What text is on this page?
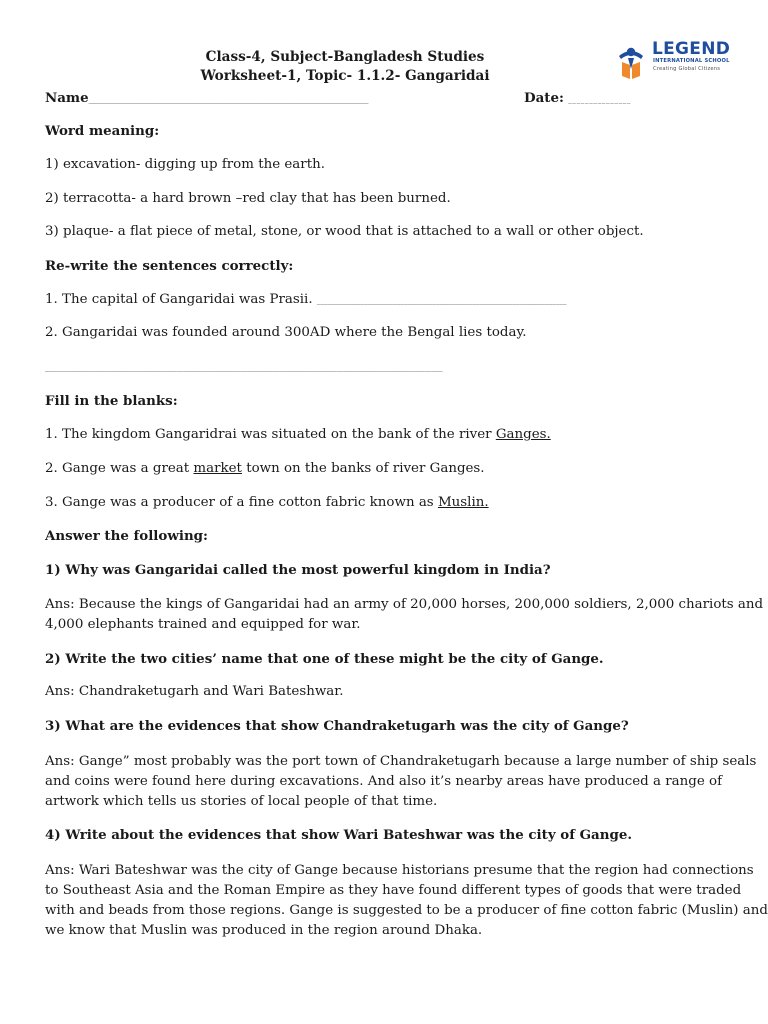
Class-4, Subject-Bangladesh Studies
Worksheet-1, Topic- 1.1.2- Gangaridai
Name___________________________________________________________________________________	Date: _______________
LEGEND
INTERNATIONAL SCHOOL
Creating Global Citizens
Word meaning:
1) excavation- digging up from the earth.
2) terracotta- a hard brown –red clay that has been burned.
3) plaque- a flat piece of metal, stone, or wood that is attached to a wall or other object.
Re-write the sentences correctly:
1. The capital of Gangaridai was Prasii. _____________________________________________________________________
2. Gangaridai was founded around 300AD where the Bengal lies today.
________________________________________________________________________________________________________________
Fill in the blanks:
1. The kingdom Gangaridrai was situated on the bank of the river Ganges.
2. Gange was a great market town on the banks of river Ganges.
3. Gange was a producer of a fine cotton fabric known as Muslin.
Answer the following:
1) Why was Gangaridai called the most powerful kingdom in India?
Ans: Because the kings of Gangaridai had an army of 20,000 horses, 200,000 soldiers, 2,000 chariots and
4,000 elephants trained and equipped for war.
2) Write the two cities’ name that one of these might be the city of Gange.
Ans: Chandraketugarh and Wari Bateshwar.
3) What are the evidences that show Chandraketugarh was the city of Gange?
Ans: Gange” most probably was the port town of Chandraketugarh because a large number of ship seals
and coins were found here during excavations. And also it’s nearby areas have produced a range of
artwork which tells us stories of local people of that time.
4) Write about the evidences that show Wari Bateshwar was the city of Gange.
Ans: Wari Bateshwar was the city of Gange because historians presume that the region had connections
to Southeast Asia and the Roman Empire as they have found different types of goods that were traded
with and beads from those regions. Gange is suggested to be a producer of fine cotton fabric (Muslin) and
we know that Muslin was produced in the region around Dhaka.
